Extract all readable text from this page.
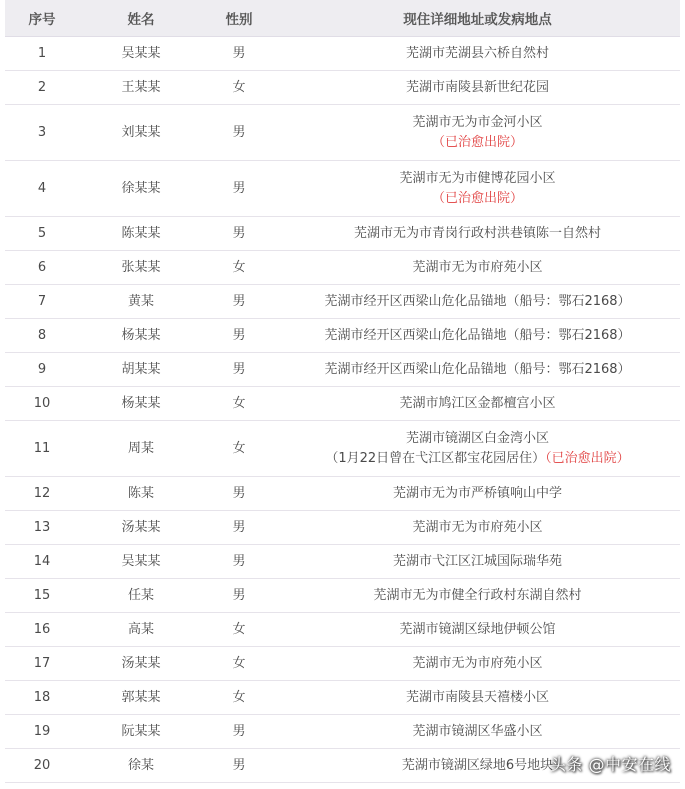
序号	姓名	性别	现住详细地址或发病地点
1	吴某某	男	芜湖市芜湖县六桥自然村

2	王某某	女	芜湖市南陵县新世纪花园

3	刘某某	男	芜湖市无为市金河小区
（已治愈出院）

4	徐某某	男	芜湖市无为市健博花园小区
（已治愈出院）

5	陈某某	男	芜湖市无为市青岗行政村洪巷镇陈一自然村

6	张某某	女	芜湖市无为市府苑小区

7	黄某	男	芜湖市经开区西梁山危化品锚地（船号：鄂石2168）

8	杨某某	男	芜湖市经开区西梁山危化品锚地（船号：鄂石2168）

9	胡某某	男	芜湖市经开区西梁山危化品锚地（船号：鄂石2168）

10	杨某某	女	芜湖市鸠江区金都檀宫小区

11	周某	女	芜湖市镜湖区白金湾小区
（1月22日曾在弋江区都宝花园居住）（已治愈出院）

12	陈某	男	芜湖市无为市严桥镇响山中学

13	汤某某	男	芜湖市无为市府苑小区

14	吴某某	男	芜湖市弋江区江城国际瑞华苑

15	任某	男	芜湖市无为市健全行政村东湖自然村

16	高某	女	芜湖市镜湖区绿地伊顿公馆

17	汤某某	女	芜湖市无为市府苑小区

18	郭某某	女	芜湖市南陵县天禧楼小区

19	阮某某	男	芜湖市镜湖区华盛小区

20	徐某	男	芜湖市镜湖区绿地6号地块
头条 @中安在线
